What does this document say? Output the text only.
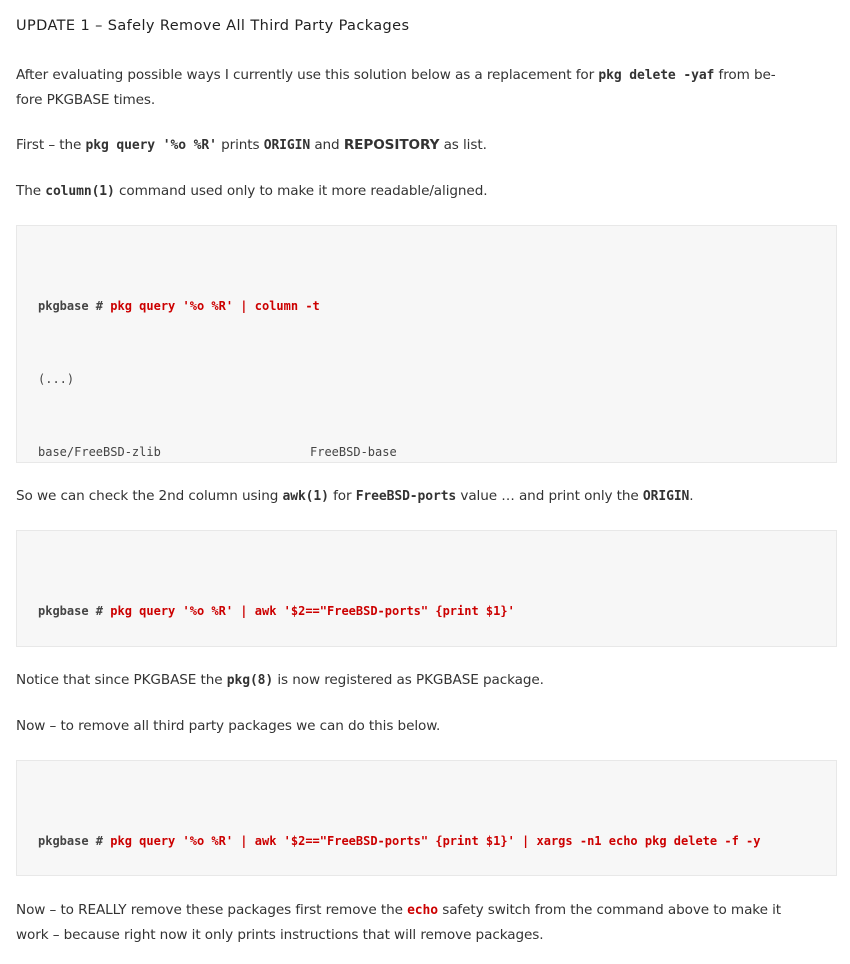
UPDATE 1 – Safely Remove All Third Party Packages
After evaluating possible ways I currently use this solution below as a replacement for pkg delete -yaf from be-
fore PKGBASE times.
First – the pkg query '%o %R' prints ORIGIN and REPOSITORY as list.
The column(1) command used only to make it more readable/aligned.

pkgbase # pkg query '%o %R' | column -t

(...)

base/FreeBSD-zlib	FreeBSD-base

So we can check the 2nd column using awk(1) for FreeBSD-ports value … and print only the ORIGIN.

pkgbase # pkg query '%o %R' | awk '$2=="FreeBSD-ports" {print $1}'

Notice that since PKGBASE the pkg(8) is now registered as PKGBASE package.
Now – to remove all third party packages we can do this below.

pkgbase # pkg query '%o %R' | awk '$2=="FreeBSD-ports" {print $1}' | xargs -n1 echo pkg delete -f -y

Now – to REALLY remove these packages first remove the echo safety switch from the command above to make it
work – because right now it only prints instructions that will remove packages.
